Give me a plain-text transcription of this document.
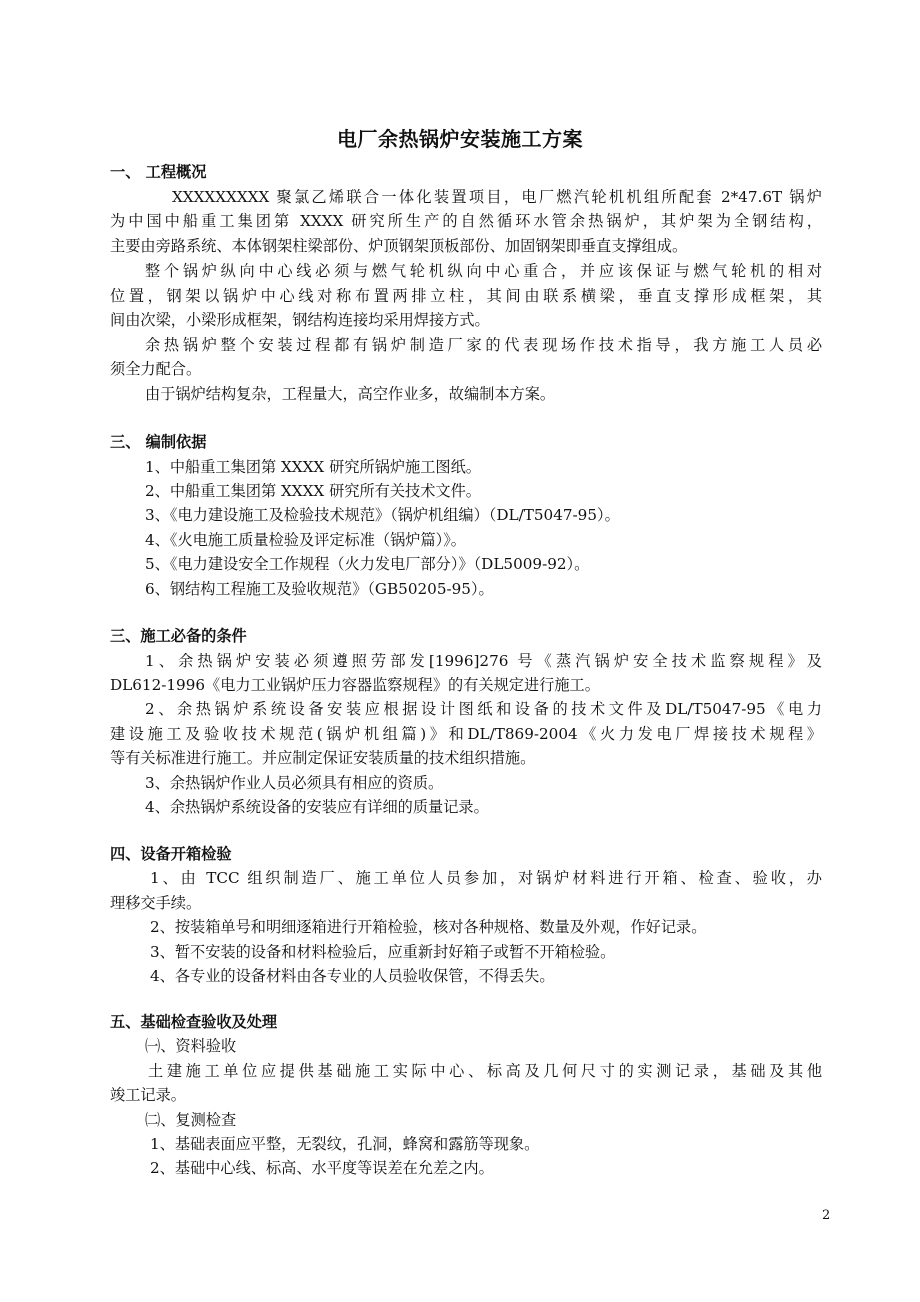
电厂余热锅炉安装施工方案
一、 工程概况
XXXXXXXXX 聚氯乙烯联合一体化装置项目，电厂燃汽轮机机组所配套 2*47.6T 锅炉
为中国中船重工集团第 XXXX 研究所生产的自然循环水管余热锅炉，其炉架为全钢结构，
主要由旁路系统、本体钢架柱梁部份、炉顶钢架顶板部份、加固钢架即垂直支撑组成。
整个锅炉纵向中心线必须与燃气轮机纵向中心重合，并应该保证与燃气轮机的相对
位置，钢架以锅炉中心线对称布置两排立柱，其间由联系横梁，垂直支撑形成框架，其
间由次梁，小梁形成框架，钢结构连接均采用焊接方式。
余热锅炉整个安装过程都有锅炉制造厂家的代表现场作技术指导，我方施工人员必
须全力配合。
由于锅炉结构复杂，工程量大，高空作业多，故编制本方案。
三、 编制依据
1、中船重工集团第 XXXX 研究所锅炉施工图纸。
2、中船重工集团第 XXXX 研究所有关技术文件。
3、《电力建设施工及检验技术规范》（锅炉机组编）（DL/T5047-95）。
4、《火电施工质量检验及评定标准（锅炉篇）》。
5、《电力建设安全工作规程（火力发电厂部分）》（DL5009-92）。
6、钢结构工程施工及验收规范》（GB50205-95）。
三、施工必备的条件
1、余热锅炉安装必须遵照劳部发[1996]276 号《蒸汽锅炉安全技术监察规程》及
DL612-1996《电力工业锅炉压力容器监察规程》的有关规定进行施工。
2、余热锅炉系统设备安装应根据设计图纸和设备的技术文件及DL/T5047-95《电力
建设施工及验收技术规范(锅炉机组篇)》和DL/T869-2004《火力发电厂焊接技术规程》
等有关标准进行施工。并应制定保证安装质量的技术组织措施。
3、余热锅炉作业人员必须具有相应的资质。
4、余热锅炉系统设备的安装应有详细的质量记录。
四、设备开箱检验
1、由 TCC 组织制造厂、施工单位人员参加，对锅炉材料进行开箱、检查、验收，办
理移交手续。
2、按装箱单号和明细逐箱进行开箱检验，核对各种规格、数量及外观，作好记录。
3、暂不安装的设备和材料检验后，应重新封好箱子或暂不开箱检验。
4、各专业的设备材料由各专业的人员验收保管，不得丢失。
五、基础检查验收及处理
㈠、资料验收
土建施工单位应提供基础施工实际中心、标高及几何尺寸的实测记录，基础及其他
竣工记录。
㈡、复测检查
1、基础表面应平整，无裂纹，孔洞，蜂窝和露筋等现象。
2、基础中心线、标高、水平度等误差在允差之内。
2
